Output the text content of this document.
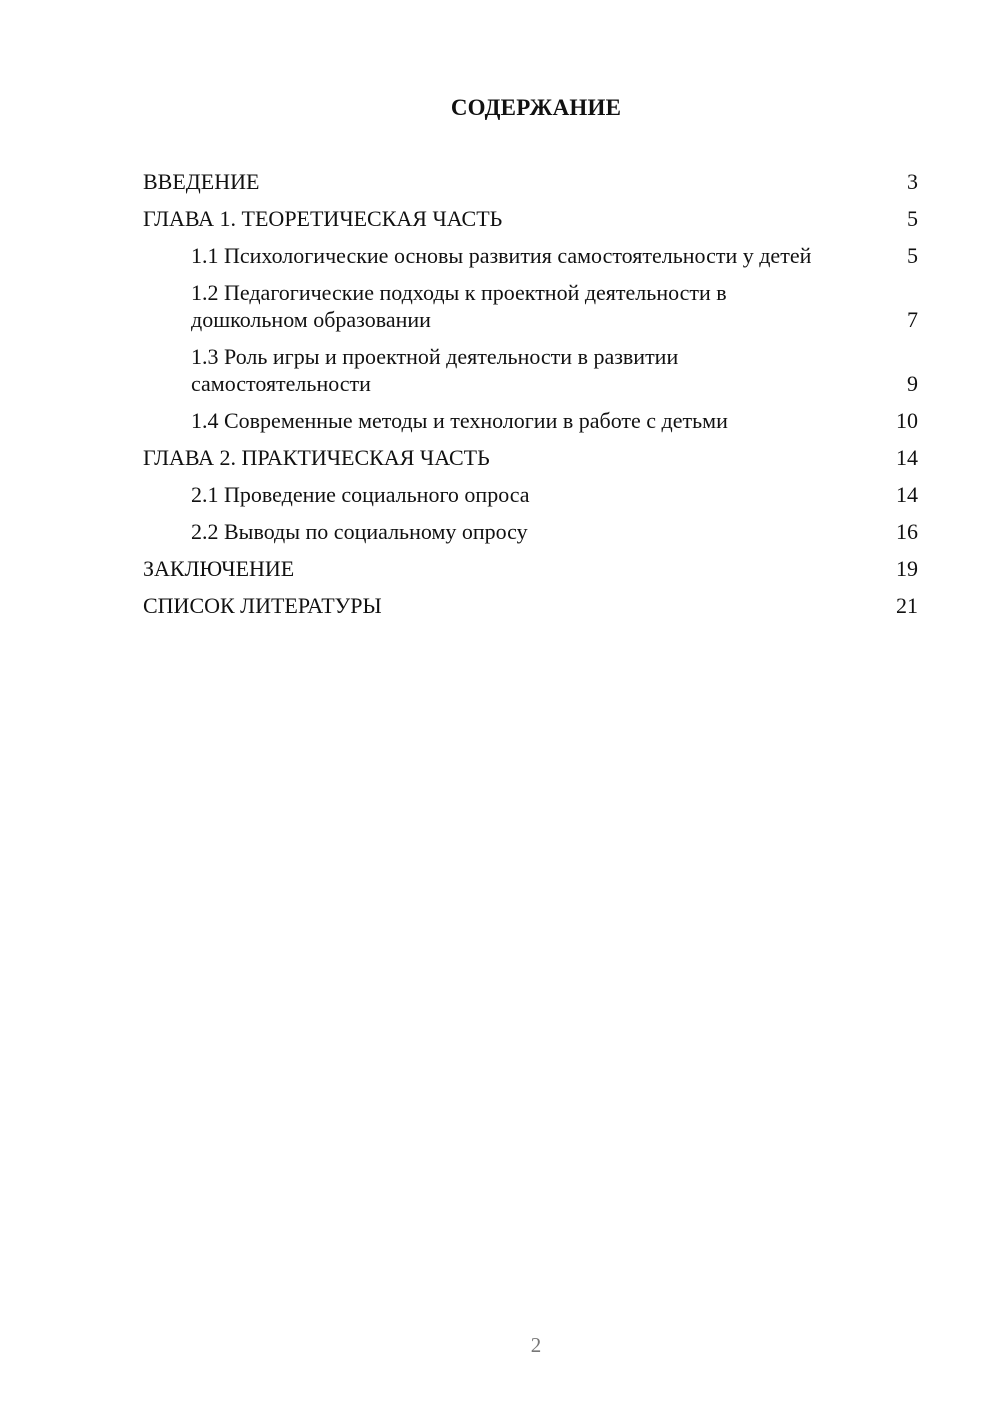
СОДЕРЖАНИЕ
ВВЕДЕНИЕ	3
ГЛАВА 1. ТЕОРЕТИЧЕСКАЯ ЧАСТЬ	5
1.1 Психологические основы развития самостоятельности у детей	5
1.2 Педагогические подходы к проектной деятельности в дошкольном образовании	7
1.3 Роль игры и проектной деятельности в развитии самостоятельности	9
1.4 Современные методы и технологии в работе с детьми	10
ГЛАВА 2. ПРАКТИЧЕСКАЯ ЧАСТЬ	14
2.1 Проведение социального опроса	14
2.2 Выводы по социальному опросу	16
ЗАКЛЮЧЕНИЕ	19
СПИСОК ЛИТЕРАТУРЫ	21
2
